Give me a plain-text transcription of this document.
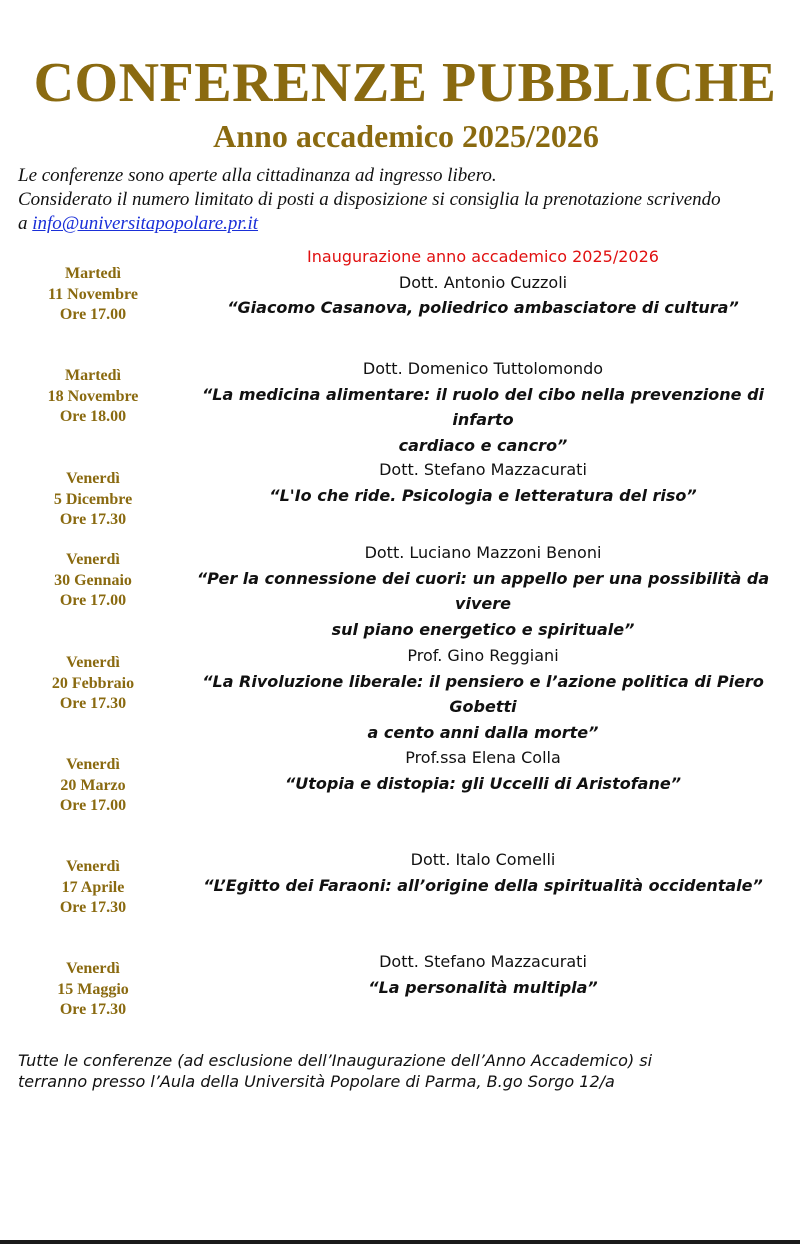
CONFERENZE PUBBLICHE
Anno accademico 2025/2026

Le conferenze sono aperte alla cittadinanza ad ingresso libero.

Considerato il numero limitato di posti a disposizione si consiglia la prenotazione scrivendo

a info@universitapopolare.pr.it

Martedì
11 Novembre
Ore 17.00
Inaugurazione anno accademico 2025/2026
Dott. Antonio Cuzzoli
“Giacomo Casanova, poliedrico ambasciatore di cultura”
Martedì
18 Novembre
Ore 18.00
Dott. Domenico Tuttolomondo
“La medicina alimentare: il ruolo del cibo nella prevenzione di infarto
cardiaco e cancro”
Venerdì
5 Dicembre
Ore 17.30
Dott. Stefano Mazzacurati
“L'Io che ride. Psicologia e letteratura del riso”
Venerdì
30 Gennaio
Ore 17.00
Dott. Luciano Mazzoni Benoni
“Per la connessione dei cuori: un appello per una possibilità da vivere
sul piano energetico e spirituale”
Venerdì
20 Febbraio
Ore 17.30
Prof. Gino Reggiani
“La Rivoluzione liberale: il pensiero e l’azione politica di Piero Gobetti
a cento anni dalla morte”
Venerdì
20 Marzo
Ore 17.00
Prof.ssa Elena Colla
“Utopia e distopia: gli Uccelli di Aristofane”
Venerdì
17 Aprile
Ore 17.30
Dott. Italo Comelli
“L’Egitto dei Faraoni: all’origine della spiritualità occidentale”
Venerdì
15 Maggio
Ore 17.30
Dott. Stefano Mazzacurati
“La personalità multipla”
Tutte le conferenze (ad esclusione dell’Inaugurazione dell’Anno Accademico) si
terranno presso l’Aula della Università Popolare di Parma, B.go Sorgo 12/a
